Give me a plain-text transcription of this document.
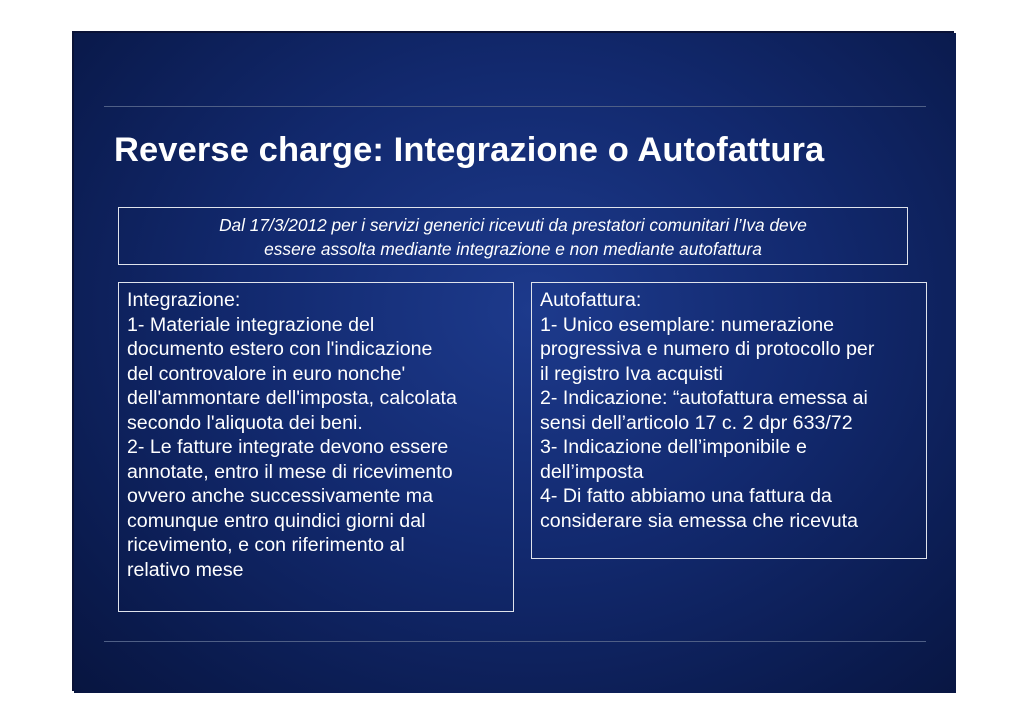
Reverse charge: Integrazione o Autofattura
Dal 17/3/2012 per i servizi generici ricevuti da prestatori comunitari l’Iva deve
essere assolta mediante integrazione e non mediante autofattura
Integrazione:
1- Materiale integrazione del
documento estero con l'indicazione
del controvalore in euro nonche'
dell'ammontare dell'imposta, calcolata
secondo l'aliquota dei beni.
2- Le fatture integrate devono essere
annotate, entro il mese di ricevimento
ovvero anche successivamente ma
comunque entro quindici giorni dal
ricevimento, e con riferimento al
relativo mese
Autofattura:
1- Unico esemplare: numerazione
progressiva e numero di protocollo per
il registro Iva acquisti
2- Indicazione: “autofattura emessa ai
sensi dell’articolo 17 c. 2 dpr 633/72
3- Indicazione dell’imponibile e
dell’imposta
4- Di fatto abbiamo una fattura da
considerare sia emessa che ricevuta
